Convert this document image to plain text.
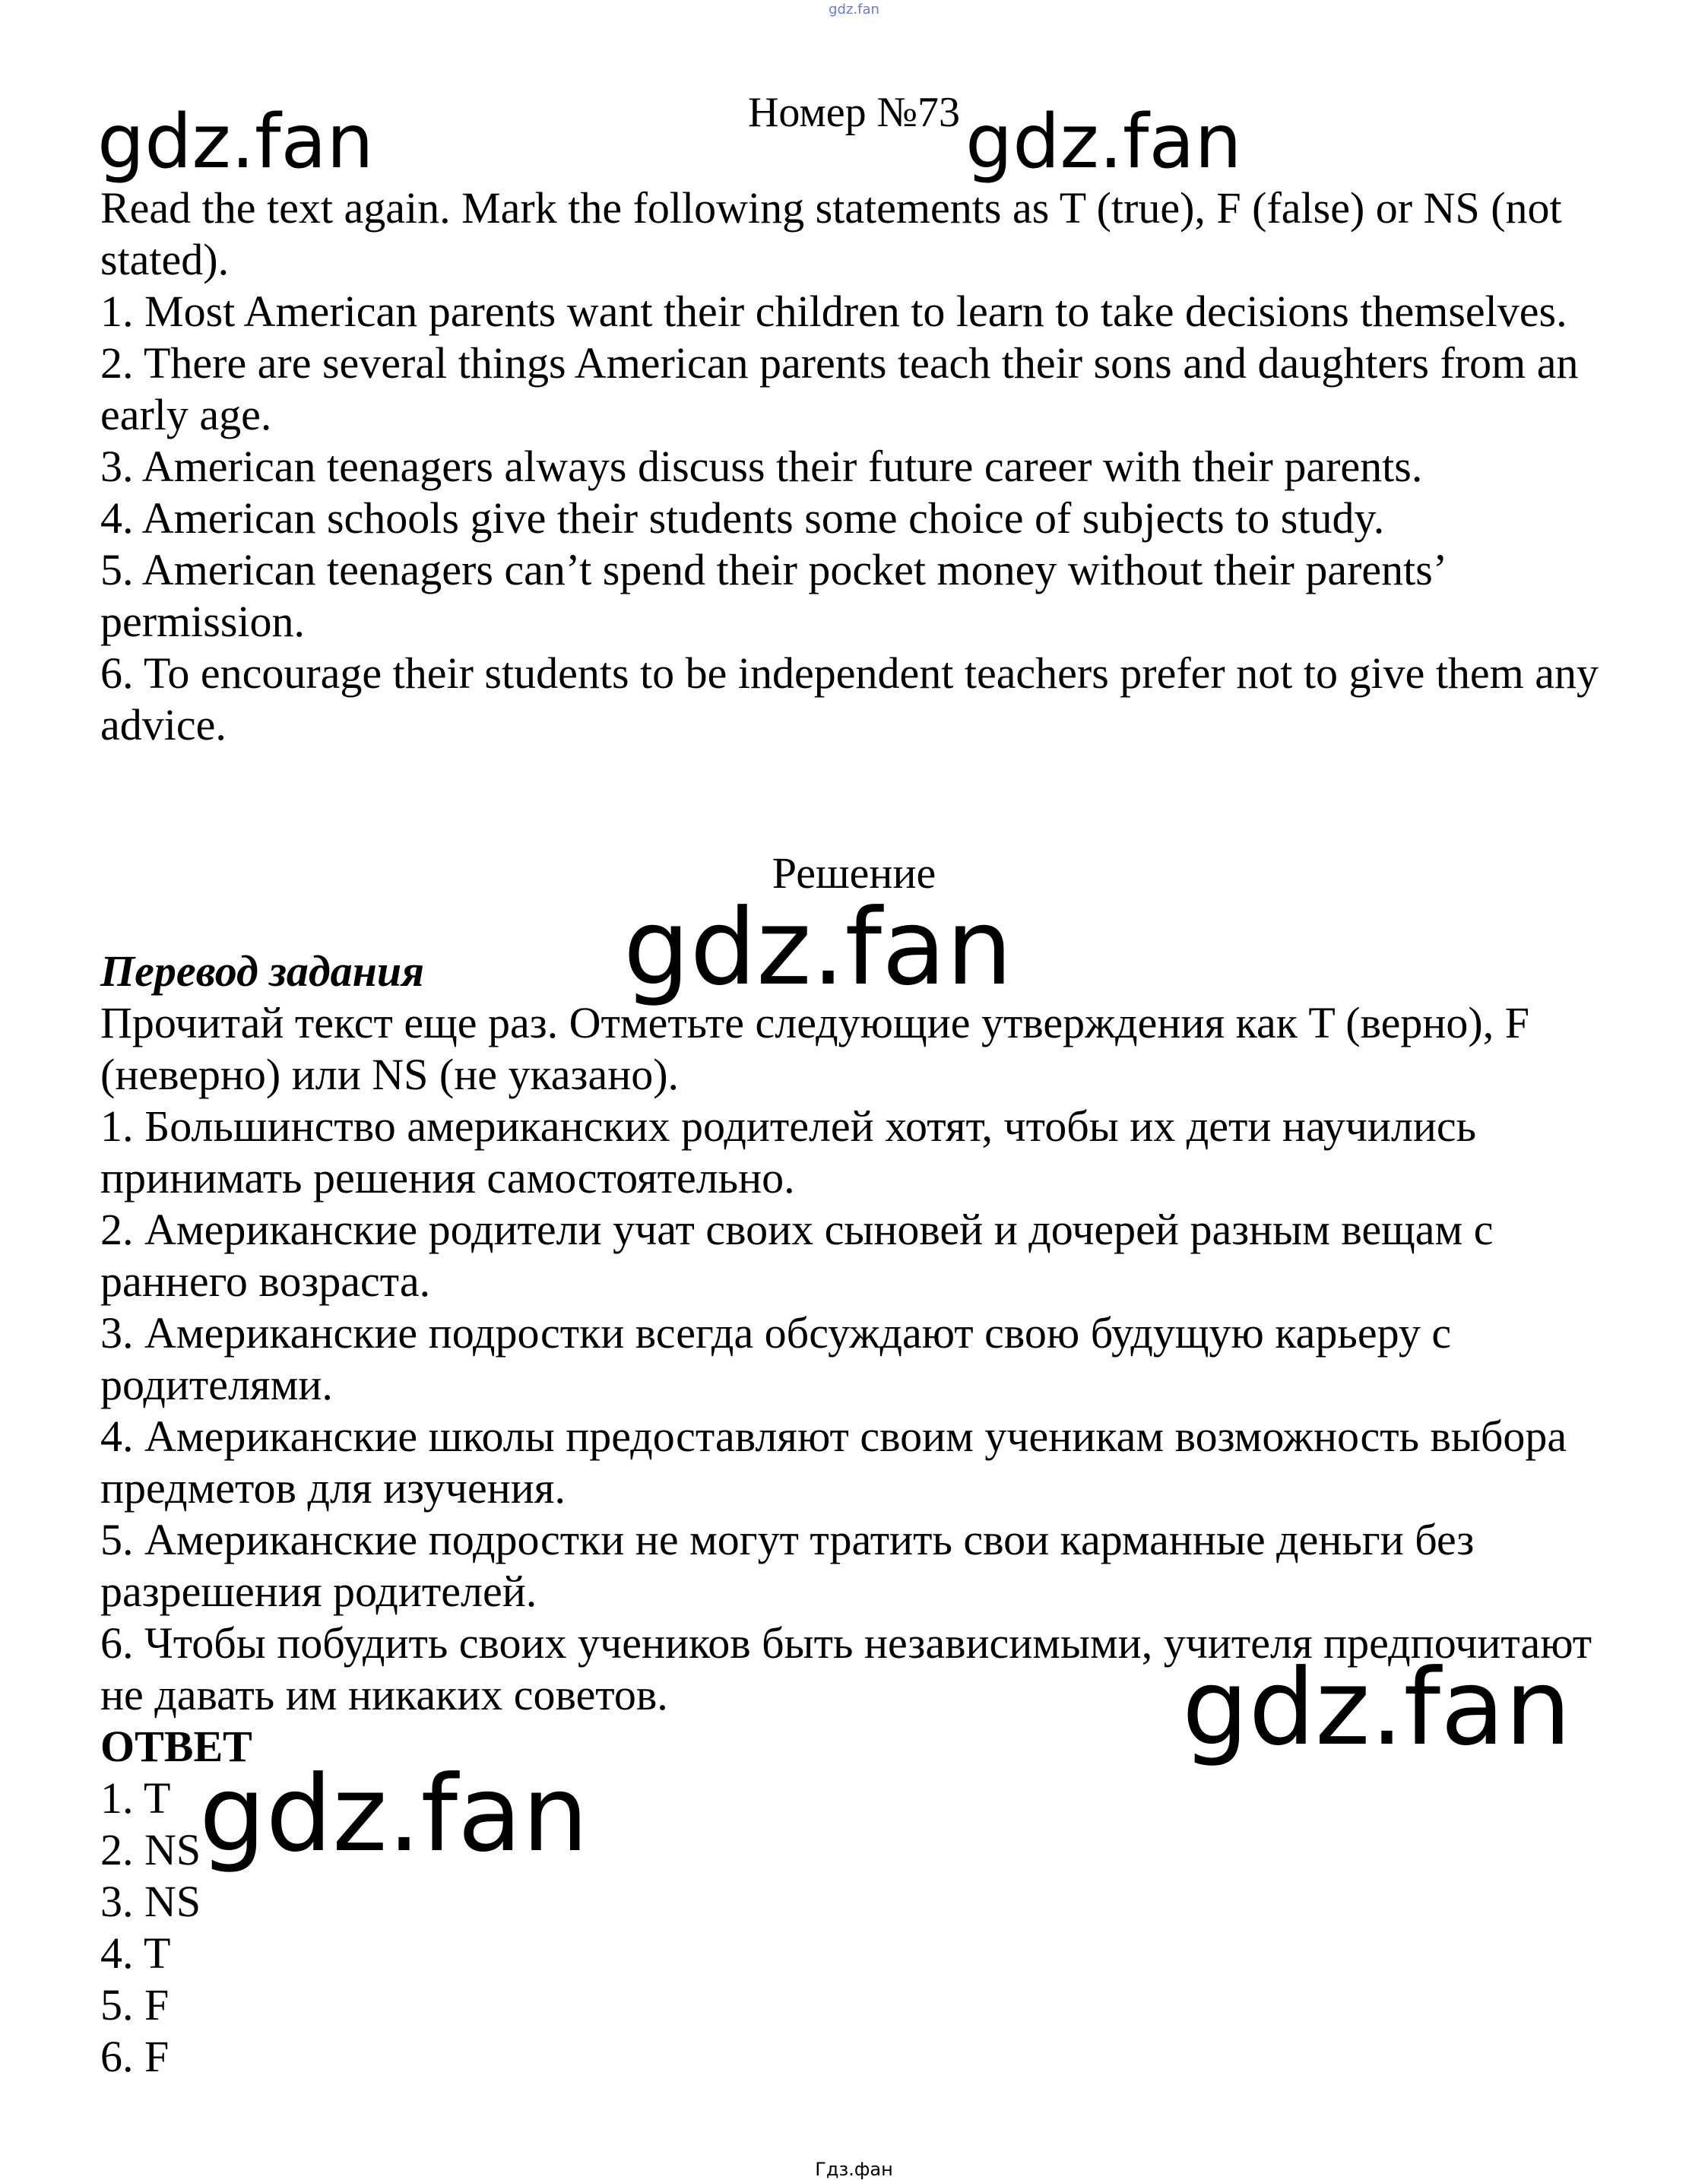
gdz.fan
Номер №73

Read the text again. Mark the following statements as T (true), F (false) or NS (not stated).

1. Most American parents want their children to learn to take decisions themselves.

2. There are several things American parents teach their sons and daughters from an early age.

3. American teenagers always discuss their future career with their parents.

4. American schools give their students some choice of subjects to study.

5. American teenagers can’t spend their pocket money without their parents’ permission.

6. To encourage their students to be independent teachers prefer not to give them any advice.

Решение

Перевод задания

Прочитай текст еще раз. Отметьте следующие утверждения как T (верно), F (неверно) или NS (не указано).

1. Большинство американских родителей хотят, чтобы их дети научились принимать решения самостоятельно.

2. Американские родители учат своих сыновей и дочерей разным вещам с раннего возраста.

3. Американские подростки всегда обсуждают свою будущую карьеру с родителями.

4. Американские школы предоставляют своим ученикам возможность выбора предметов для изучения.

5. Американские подростки не могут тратить свои карманные деньги без разрешения родителей.

6. Чтобы побудить своих учеников быть независимыми, учителя предпочитают не давать им никаких советов.

ОТВЕТ

1. T

2. NS

3. NS

4. T

5. F

6. F

gdz.fan	gdz.fan
gdz.fan
gdz.fan
gdz.fan
Гдз.фан
